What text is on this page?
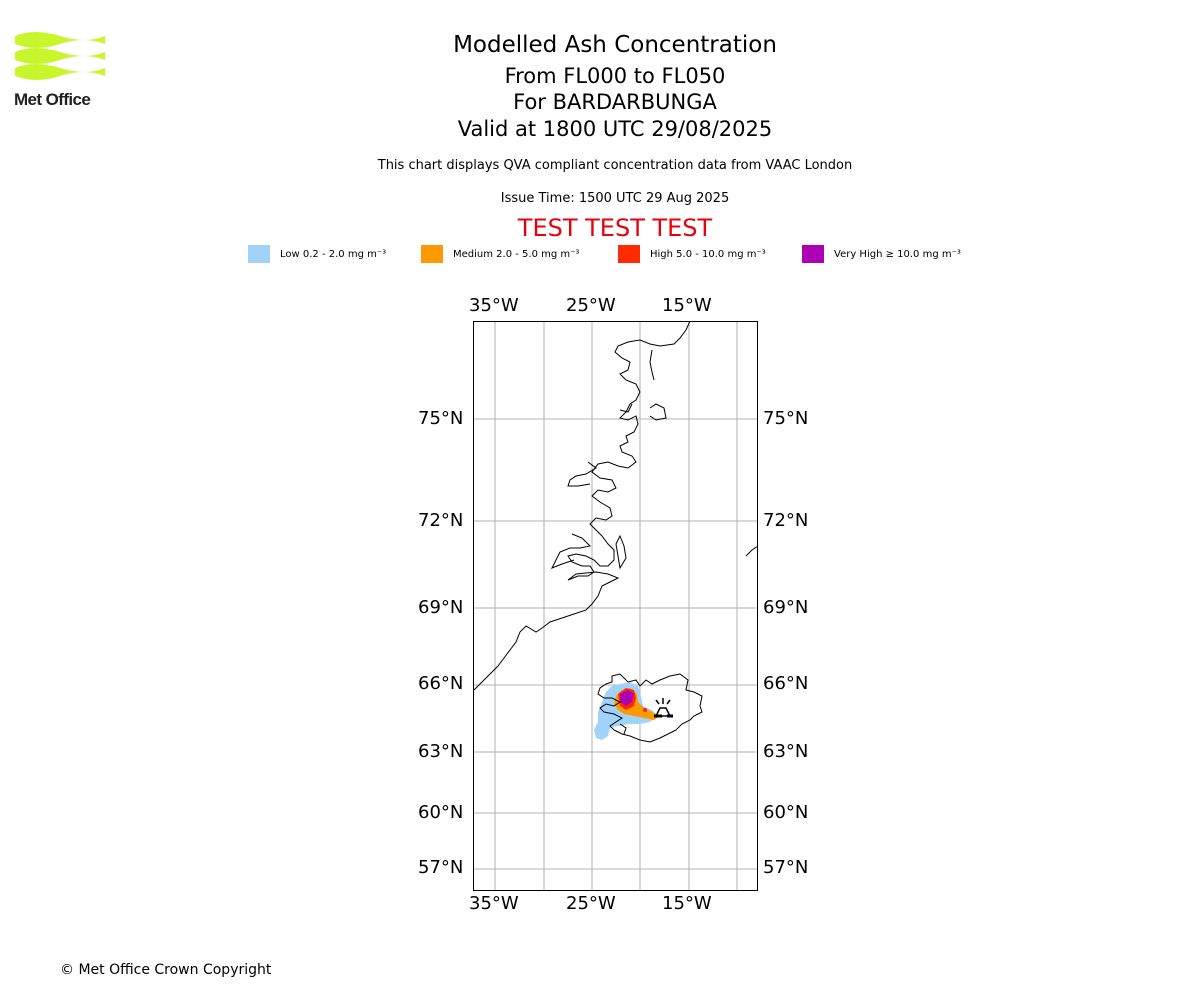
Met Office
Modelled Ash Concentration
From FL000 to FL050
For BARDARBUNGA
Valid at 1800 UTC 29/08/2025
This chart displays QVA compliant concentration data from VAAC London
Issue Time: 1500 UTC 29 Aug 2025
TEST TEST TEST
Low 0.2 - 2.0 mg m⁻³	Medium 2.0 - 5.0 mg m⁻³	High 5.0 - 10.0 mg m⁻³	Very High ≥ 10.0 mg m⁻³
35°W	25°W	15°W
35°W	25°W	15°W
75°N
72°N
69°N
66°N
63°N
60°N
57°N
75°N
72°N
69°N
66°N
63°N
60°N
57°N
© Met Office Crown Copyright
